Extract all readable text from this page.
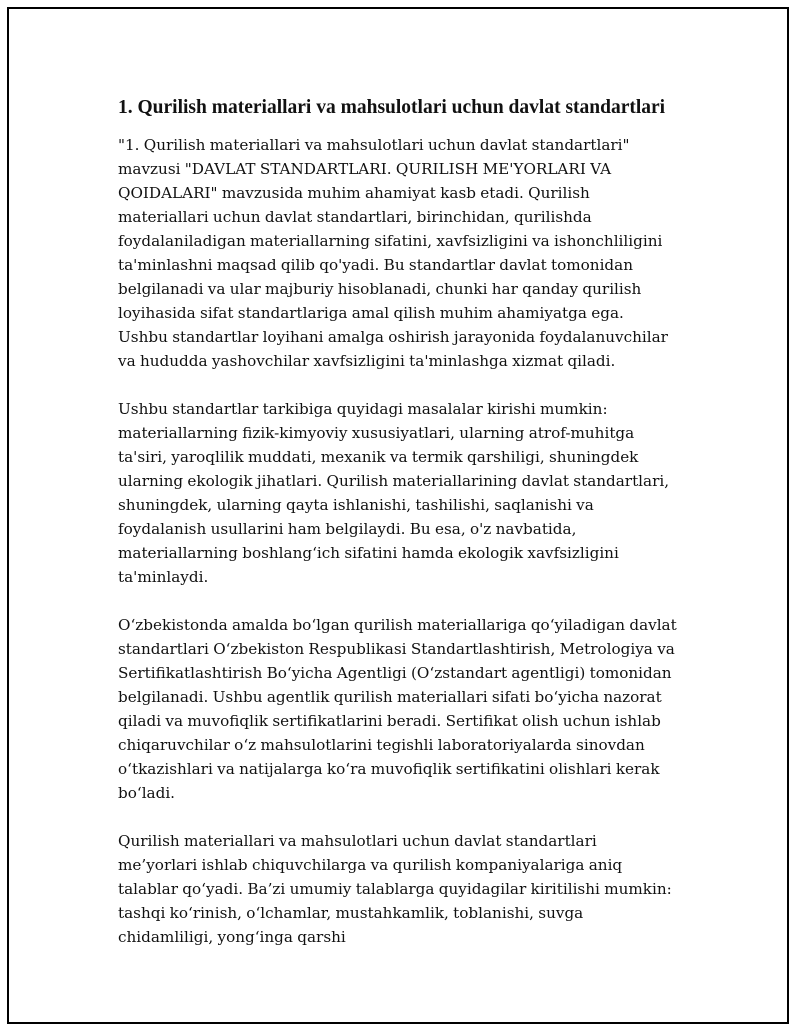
1. Qurilish materiallari va mahsulotlari uchun davlat standartlari

"1. Qurilish materiallari va mahsulotlari uchun davlat standartlari" mavzusi "DAVLAT STANDARTLARI. QURILISH ME'YORLARI VA QOIDALARI" mavzusida muhim ahamiyat kasb etadi. Qurilish materiallari uchun davlat standartlari, birinchidan, qurilishda foydalaniladigan materiallarning sifatini, xavfsizligini va ishonchliligini ta'minlashni maqsad qilib qo'yadi. Bu standartlar davlat tomonidan belgilanadi va ular majburiy hisoblanadi, chunki har qanday qurilish loyihasida sifat standartlariga amal qilish muhim ahamiyatga ega. Ushbu standartlar loyihani amalga oshirish jarayonida foydalanuvchilar va hududda yashovchilar xavfsizligini ta'minlashga xizmat qiladi.

Ushbu standartlar tarkibiga quyidagi masalalar kirishi mumkin: materiallarning fizik-kimyoviy xususiyatlari, ularning atrof-muhitga ta'siri, yaroqlilik muddati, mexanik va termik qarshiligi, shuningdek ularning ekologik jihatlari. Qurilish materiallarining davlat standartlari, shuningdek, ularning qayta ishlanishi, tashilishi, saqlanishi va foydalanish usullarini ham belgilaydi. Bu esa, o'z navbatida, materiallarning boshlang‘ich sifatini hamda ekologik xavfsizligini ta'minlaydi.

O‘zbekistonda amalda bo‘lgan qurilish materiallariga qo‘yiladigan davlat standartlari O‘zbekiston Respublikasi Standartlashtirish, Metrologiya va Sertifikatlashtirish Bo‘yicha Agentligi (O‘zstandart agentligi) tomonidan belgilanadi. Ushbu agentlik qurilish materiallari sifati bo‘yicha nazorat qiladi va muvofiqlik sertifikatlarini beradi. Sertifikat olish uchun ishlab chiqaruvchilar o‘z mahsulotlarini tegishli laboratoriyalarda sinovdan o‘tkazishlari va natijalarga ko‘ra muvofiqlik sertifikatini olishlari kerak bo‘ladi.

Qurilish materiallari va mahsulotlari uchun davlat standartlari me’yorlari ishlab chiquvchilarga va qurilish kompaniyalariga aniq talablar qo‘yadi. Ba’zi umumiy talablarga quyidagilar kiritilishi mumkin: tashqi ko‘rinish, o‘lchamlar, mustahkamlik, toblanishi, suvga chidamliligi, yong‘inga qarshi
